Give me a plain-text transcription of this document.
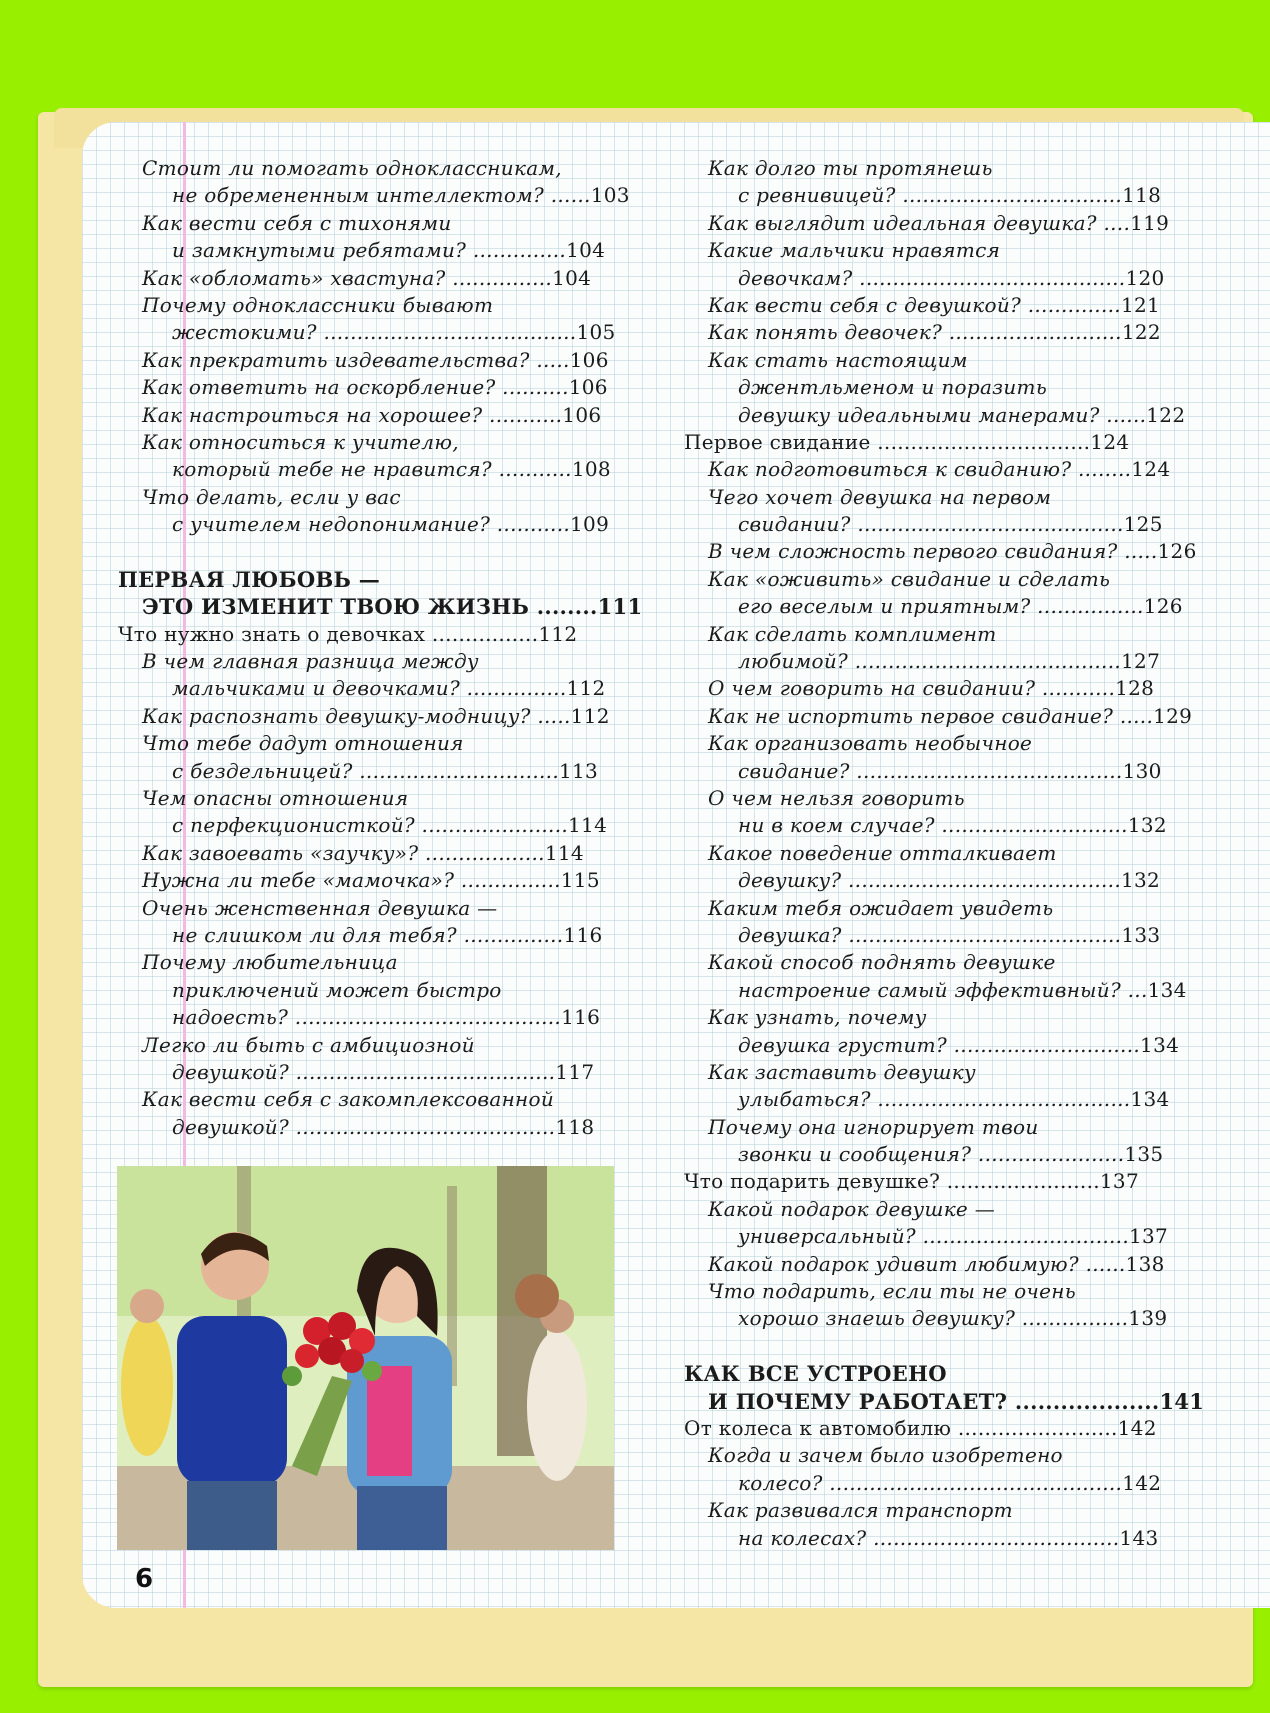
Стоит ли помогать одноклассникам,
не обремененным интеллектом? ......103
Как вести себя с тихонями
и замкнутыми ребятами? ..............104
Как «обломать» хвастуна? ...............104
Почему одноклассники бывают
жестокими? ......................................105
Как прекратить издевательства? .....106
Как ответить на оскорбление? ..........106
Как настроиться на хорошее? ...........106
Как относиться к учителю,
который тебе не нравится? ...........108
Что делать, если у вас
с учителем недопонимание? ...........109
ПЕРВАЯ ЛЮБОВЬ —
ЭТО ИЗМЕНИТ ТВОЮ ЖИЗНЬ ........111
Что нужно знать о девочках ................112
В чем главная разница между
мальчиками и девочками? ...............112
Как распознать девушку-модницу? .....112
Что тебе дадут отношения
с бездельницей? ..............................113
Чем опасны отношения
с перфекционисткой? ......................114
Как завоевать «заучку»? ..................114
Нужна ли тебе «мамочка»? ...............115
Очень женственная девушка —
не слишком ли для тебя? ...............116
Почему любительница
приключений может быстро
надоесть? ........................................116
Легко ли быть с амбициозной
девушкой? .......................................117
Как вести себя с закомплексованной
девушкой? .......................................118
Как долго ты протянешь
с ревнивицей? .................................118
Как выглядит идеальная девушка? ....119
Какие мальчики нравятся
девочкам? ........................................120
Как вести себя с девушкой? ..............121
Как понять девочек? ..........................122
Как стать настоящим
джентльменом и поразить
девушку идеальными манерами? ......122
Первое свидание ................................124
Как подготовиться к свиданию? ........124
Чего хочет девушка на первом
свидании? ........................................125
В чем сложность первого свидания? .....126
Как «оживить» свидание и сделать
его веселым и приятным? ................126
Как сделать комплимент
любимой? ........................................127
О чем говорить на свидании? ...........128
Как не испортить первое свидание? .....129
Как организовать необычное
свидание? ........................................130
О чем нельзя говорить
ни в коем случае? ............................132
Какое поведение отталкивает
девушку? .........................................132
Каким тебя ожидает увидеть
девушка? .........................................133
Какой способ поднять девушке
настроение самый эффективный? ...134
Как узнать, почему
девушка грустит? ............................134
Как заставить девушку
улыбаться? ......................................134
Почему она игнорирует твои
звонки и сообщения? ......................135
Что подарить девушке? .......................137
Какой подарок девушке —
универсальный? ...............................137
Какой подарок удивит любимую? ......138
Что подарить, если ты не очень
хорошо знаешь девушку? ................139
КАК ВСЕ УСТРОЕНО
И ПОЧЕМУ РАБОТАЕТ? ...................141
От колеса к автомобилю ........................142
Когда и зачем было изобретено
колесо? ............................................142
Как развивался транспорт
на колесах? .....................................143
6
